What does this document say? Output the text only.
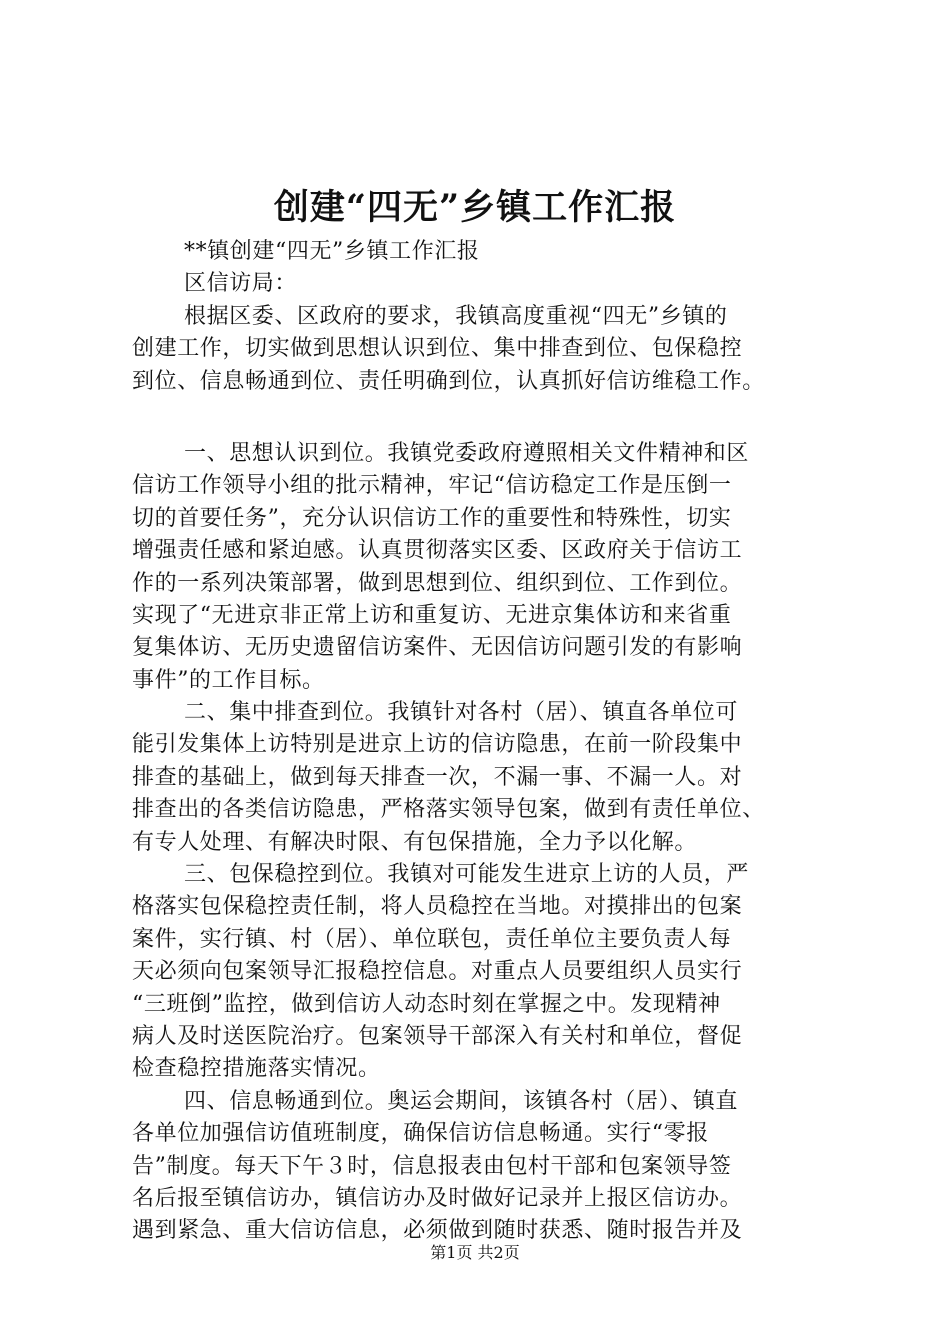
创建“四无”乡镇工作汇报
**镇创建“四无”乡镇工作汇报
区信访局：
根据区委、区政府的要求，我镇高度重视“四无”乡镇的
创建工作，切实做到思想认识到位、集中排查到位、包保稳控
到位、信息畅通到位、责任明确到位，认真抓好信访维稳工作。
一、思想认识到位。我镇党委政府遵照相关文件精神和区
信访工作领导小组的批示精神，牢记“信访稳定工作是压倒一
切的首要任务”，充分认识信访工作的重要性和特殊性，切实
增强责任感和紧迫感。认真贯彻落实区委、区政府关于信访工
作的一系列决策部署，做到思想到位、组织到位、工作到位。
实现了“无进京非正常上访和重复访、无进京集体访和来省重
复集体访、无历史遗留信访案件、无因信访问题引发的有影响
事件”的工作目标。
二、集中排查到位。我镇针对各村（居）、镇直各单位可
能引发集体上访特别是进京上访的信访隐患，在前一阶段集中
排查的基础上，做到每天排查一次，不漏一事、不漏一人。对
排查出的各类信访隐患，严格落实领导包案，做到有责任单位、
有专人处理、有解决时限、有包保措施，全力予以化解。
三、包保稳控到位。我镇对可能发生进京上访的人员，严
格落实包保稳控责任制，将人员稳控在当地。对摸排出的包案
案件，实行镇、村（居）、单位联包，责任单位主要负责人每
天必须向包案领导汇报稳控信息。对重点人员要组织人员实行
“三班倒”监控，做到信访人动态时刻在掌握之中。发现精神
病人及时送医院治疗。包案领导干部深入有关村和单位，督促
检查稳控措施落实情况。
四、信息畅通到位。奥运会期间，该镇各村（居）、镇直
各单位加强信访值班制度，确保信访信息畅通。实行“零报
告”制度。每天下午３时，信息报表由包村干部和包案领导签
名后报至镇信访办，镇信访办及时做好记录并上报区信访办。
遇到紧急、重大信访信息，必须做到随时获悉、随时报告并及
第1页 共2页
